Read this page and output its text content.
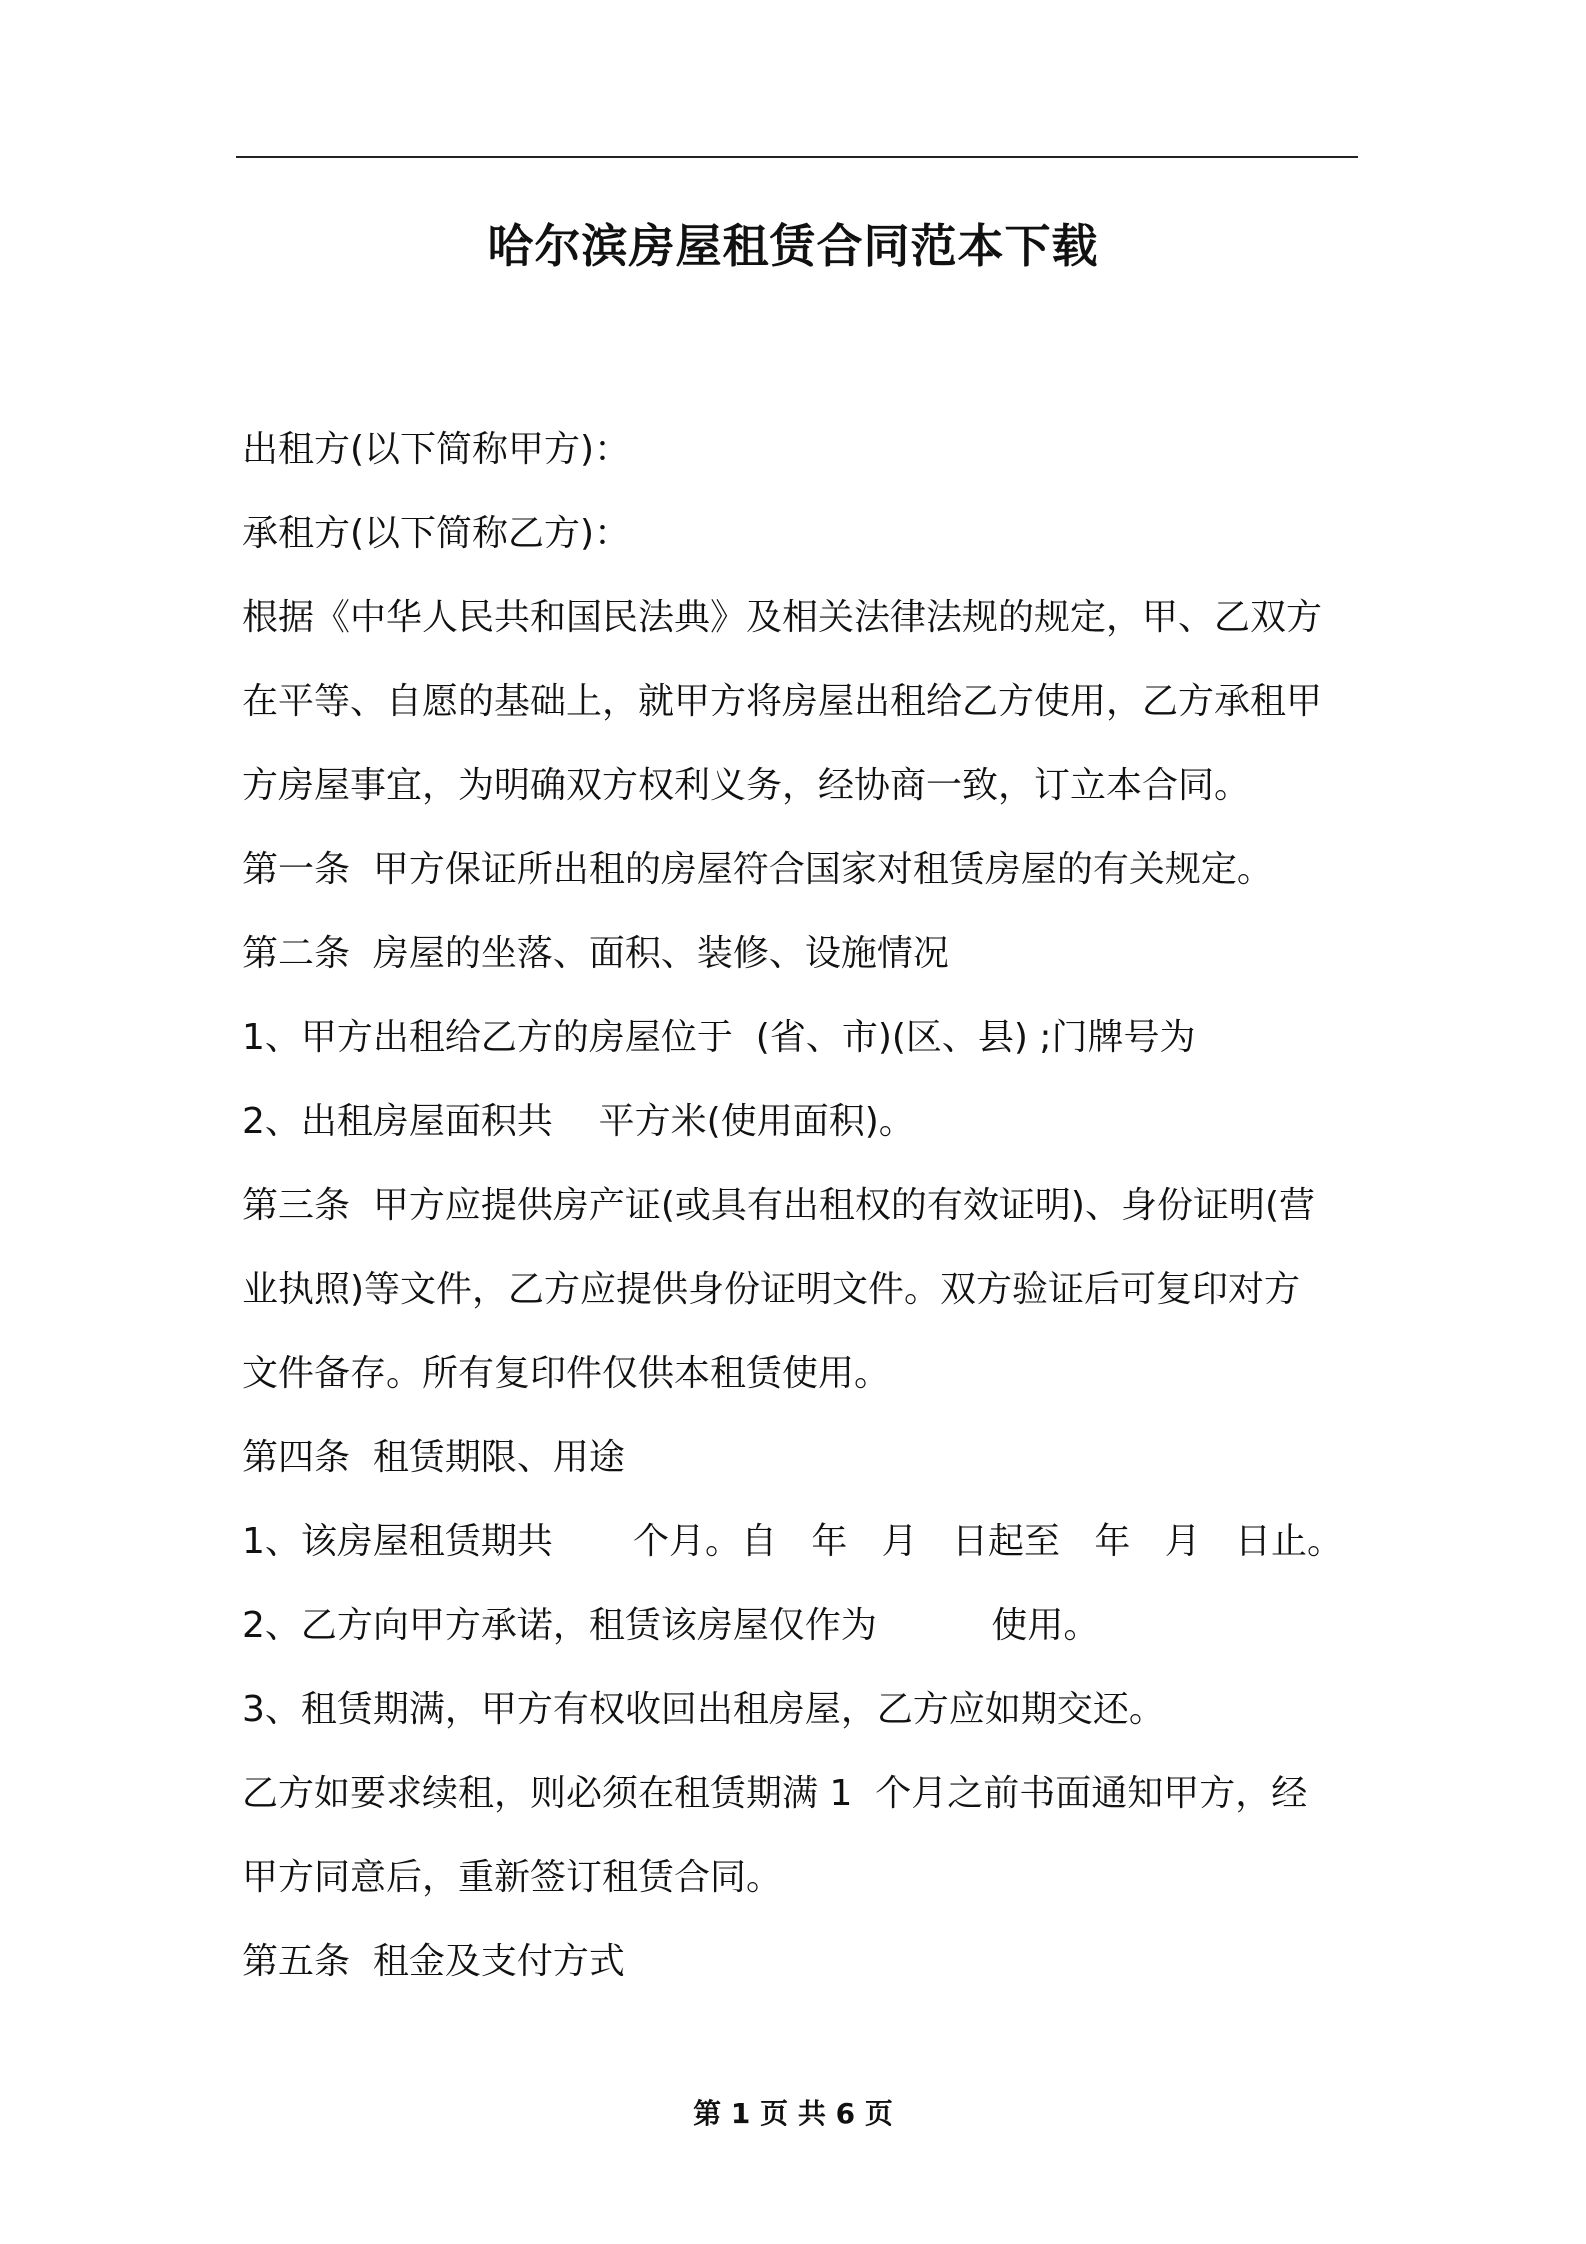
哈尔滨房屋租赁合同范本下载
出租方(以下简称甲方)：
承租方(以下简称乙方)：
根据《中华人民共和国民法典》及相关法律法规的规定，甲、乙双方
在平等、自愿的基础上，就甲方将房屋出租给乙方使用，乙方承租甲
方房屋事宜，为明确双方权利义务，经协商一致，订立本合同。
第一条  甲方保证所出租的房屋符合国家对租赁房屋的有关规定。
第二条  房屋的坐落、面积、装修、设施情况
1、甲方出租给乙方的房屋位于  (省、市)(区、县) ;门牌号为
2、出租房屋面积共    平方米(使用面积)。
第三条  甲方应提供房产证(或具有出租权的有效证明)、身份证明(营
业执照)等文件，乙方应提供身份证明文件。双方验证后可复印对方
文件备存。所有复印件仅供本租赁使用。
第四条  租赁期限、用途
1、该房屋租赁期共       个月。自   年   月   日起至   年   月   日止。
2、乙方向甲方承诺，租赁该房屋仅作为          使用。
3、租赁期满，甲方有权收回出租房屋，乙方应如期交还。
乙方如要求续租，则必须在租赁期满 1  个月之前书面通知甲方，经
甲方同意后，重新签订租赁合同。
第五条  租金及支付方式
第 1 页 共 6 页
